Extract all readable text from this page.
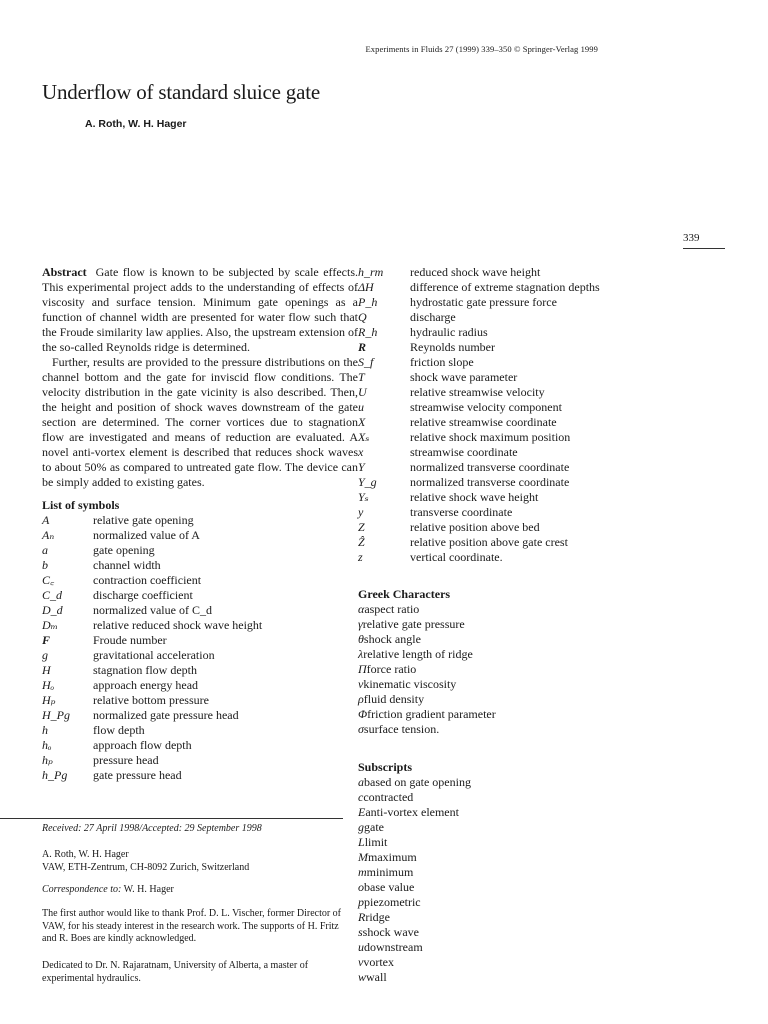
Experiments in Fluids 27 (1999) 339–350 © Springer-Verlag 1999
Underflow of standard sluice gate
A. Roth, W. H. Hager
339

Abstract Gate flow is known to be subjected by scale effects. This experimental project adds to the understanding of effects of viscosity and surface tension. Minimum gate openings as a function of channel width are presented for water flow such that the Froude similarity law applies. Also, the upstream extension of the so-called Reynolds ridge is determined.

Further, results are provided to the pressure distributions on the channel bottom and the gate for inviscid flow conditions. The velocity distribution in the gate vicinity is also described. Then, the height and position of shock waves downstream of the gate section are determined. The corner vortices due to stagnation flow are investigated and means of reduction are evaluated. A novel anti-vortex element is described that reduces shock waves to about 50% as compared to untreated gate flow. The device can be simply added to existing gates.

List of symbols
A	relative gate opening
Aₙ	normalized value of A
a	gate opening
b	channel width
C꜀	contraction coefficient
C_d	discharge coefficient
D_d	normalized value of C_d
Dₘ	relative reduced shock wave height
F	Froude number
g	gravitational acceleration
H	stagnation flow depth
Hₒ	approach energy head
Hₚ	relative bottom pressure
H_Pg	normalized gate pressure head
h	flow depth
hₒ	approach flow depth
hₚ	pressure head
h_Pg	gate pressure head

Received: 27 April 1998/Accepted: 29 September 1998

A. Roth, W. H. Hager

VAW, ETH-Zentrum, CH-8092 Zurich, Switzerland

Correspondence to: W. H. Hager

The first author would like to thank Prof. D. L. Vischer, former Director of VAW, for his steady interest in the research work. The supports of H. Fritz and R. Boes are kindly acknowledged.

Dedicated to Dr. N. Rajaratnam, University of Alberta, a master of experimental hydraulics.

h_rm	reduced shock wave height
ΔH	difference of extreme stagnation depths
P_h	hydrostatic gate pressure force
Q	discharge
R_h	hydraulic radius
R	Reynolds number
S_f	friction slope
T	shock wave parameter
U	relative streamwise velocity
u	streamwise velocity component
X	relative streamwise coordinate
Xₛ	relative shock maximum position
x	streamwise coordinate
Y	normalized transverse coordinate
Y_g	normalized transverse coordinate
Yₛ	relative shock wave height
y	transverse coordinate
Z	relative position above bed
Ẑ	relative position above gate crest
z	vertical coordinate.
Greek Characters
α aspect ratio
γ relative gate pressure
θ shock angle
λ relative length of ridge
Π force ratio
ν kinematic viscosity
ρ fluid density
Φ friction gradient parameter
σ surface tension.
Subscripts
a based on gate opening
c contracted
E anti-vortex element
g gate
L limit
M maximum
m minimum
o base value
p piezometric
R ridge
s shock wave
u downstream
v vortex
w wall
